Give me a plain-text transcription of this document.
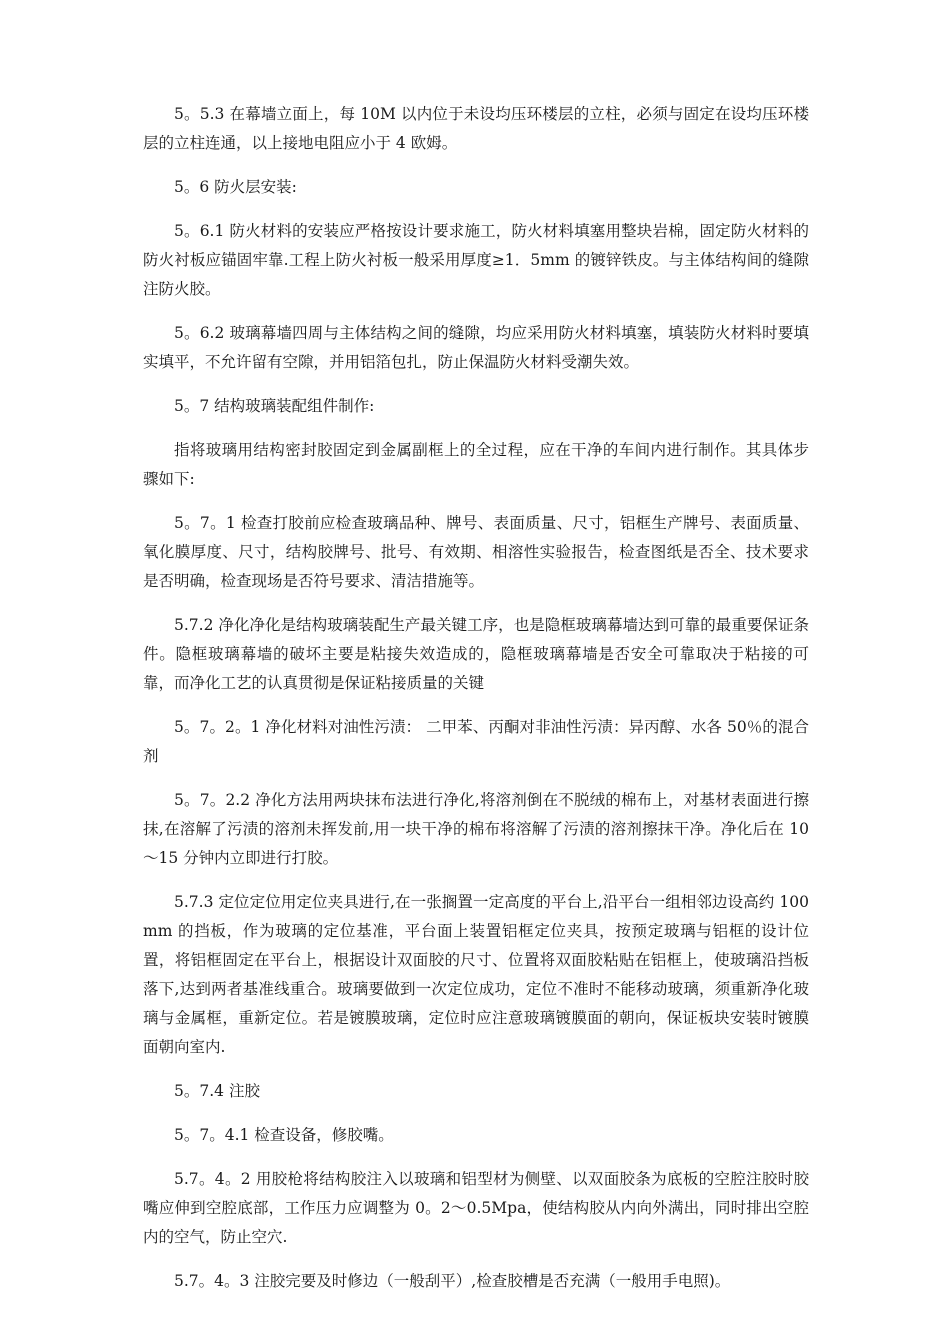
5。5.3 在幕墙立面上，每 10M 以内位于未设均压环楼层的立柱，必须与固定在设均压环楼层的立柱连通，以上接地电阻应小于 4 欧姆。

5。6 防火层安装:

5。6.1 防火材料的安装应严格按设计要求施工，防火材料填塞用整块岩棉，固定防火材料的防火衬板应锚固牢靠.工程上防火衬板一般采用厚度≥1．5mm 的镀锌铁皮。与主体结构间的缝隙注防火胶。

5。6.2 玻璃幕墙四周与主体结构之间的缝隙，均应采用防火材料填塞，填装防火材料时要填实填平，不允许留有空隙，并用铝箔包扎，防止保温防火材料受潮失效。

5。7 结构玻璃装配组件制作:

指将玻璃用结构密封胶固定到金属副框上的全过程，应在干净的车间内进行制作。其具体步骤如下:

5。7。1 检查打胶前应检查玻璃品种、牌号、表面质量、尺寸，铝框生产牌号、表面质量、氧化膜厚度、尺寸，结构胶牌号、批号、有效期、相溶性实验报告，检查图纸是否全、技术要求是否明确，检查现场是否符号要求、清洁措施等。

5.7.2 净化净化是结构玻璃装配生产最关键工序，也是隐框玻璃幕墙达到可靠的最重要保证条件。隐框玻璃幕墙的破坏主要是粘接失效造成的，隐框玻璃幕墙是否安全可靠取决于粘接的可靠，而净化工艺的认真贯彻是保证粘接质量的关键

5。7。2。1 净化材料对油性污渍： 二甲苯、丙酮对非油性污渍：异丙醇、水各 50％的混合剂

5。7。2.2 净化方法用两块抹布法进行净化,将溶剂倒在不脱绒的棉布上，对基材表面进行擦抹,在溶解了污渍的溶剂未挥发前,用一块干净的棉布将溶解了污渍的溶剂擦抹干净。净化后在 10～15 分钟内立即进行打胶。

5.7.3 定位定位用定位夹具进行,在一张搁置一定高度的平台上,沿平台一组相邻边设高约 100mm 的挡板，作为玻璃的定位基准，平台面上装置铝框定位夹具，按预定玻璃与铝框的设计位置，将铝框固定在平台上，根据设计双面胶的尺寸、位置将双面胶粘贴在铝框上，使玻璃沿挡板落下,达到两者基准线重合。玻璃要做到一次定位成功，定位不准时不能移动玻璃，须重新净化玻璃与金属框，重新定位。若是镀膜玻璃，定位时应注意玻璃镀膜面的朝向，保证板块安装时镀膜面朝向室内.

5。7.4 注胶

5。7。4.1 检查设备，修胶嘴。

5.7。4。2 用胶枪将结构胶注入以玻璃和铝型材为侧壁、以双面胶条为底板的空腔注胶时胶嘴应伸到空腔底部，工作压力应调整为 0。2～0.5Mpa，使结构胶从内向外满出，同时排出空腔内的空气，防止空穴.

5.7。4。3 注胶完要及时修边（一般刮平）,检查胶槽是否充满（一般用手电照)。
